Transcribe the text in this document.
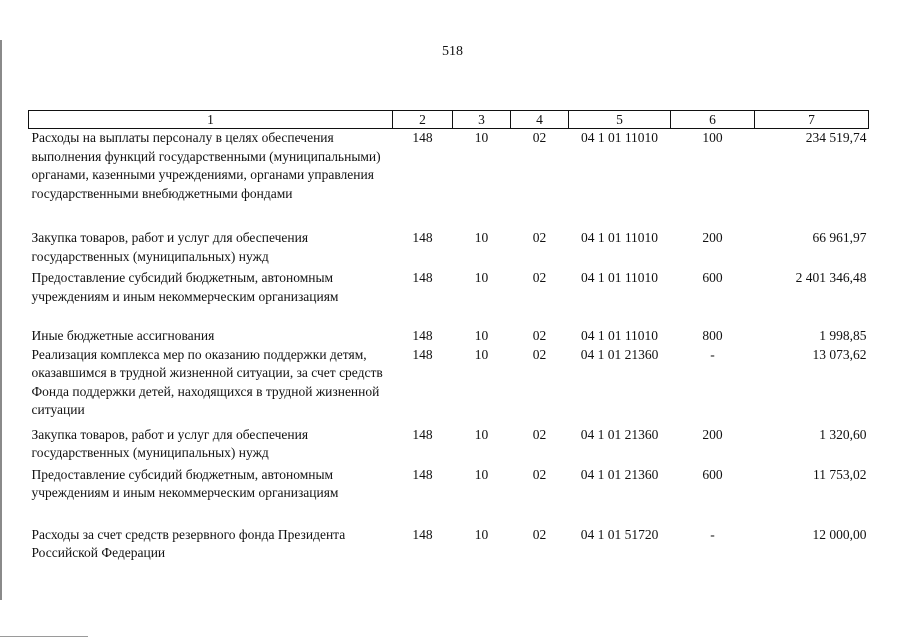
518
1	2	3	4	5	6	7
Расходы на выплаты персоналу в целях обеспечения выполнения функций государственными (муниципальными) органами, казенными учреждениями, органами управления государственными внебюджетными фондами	148	10	02	04 1 01 11010	100	234 519,74
Закупка товаров, работ и услуг для обеспечения государственных (муниципальных) нужд	148	10	02	04 1 01 11010	200	66 961,97
Предоставление субсидий бюджетным, автономным учреждениям и иным некоммерческим организациям	148	10	02	04 1 01 11010	600	2 401 346,48
Иные бюджетные ассигнования	148	10	02	04 1 01 11010	800	1 998,85
Реализация комплекса мер по оказанию поддержки детям, оказавшимся в трудной жизненной ситуации, за счет средств Фонда поддержки детей, находящихся в трудной жизненной ситуации	148	10	02	04 1 01 21360	-	13 073,62
Закупка товаров, работ и услуг для обеспечения государственных (муниципальных) нужд	148	10	02	04 1 01 21360	200	1 320,60
Предоставление субсидий бюджетным, автономным учреждениям и иным некоммерческим организациям	148	10	02	04 1 01 21360	600	11 753,02
Расходы за счет средств резервного фонда Президента Российской Федерации	148	10	02	04 1 01 51720	-	12 000,00
